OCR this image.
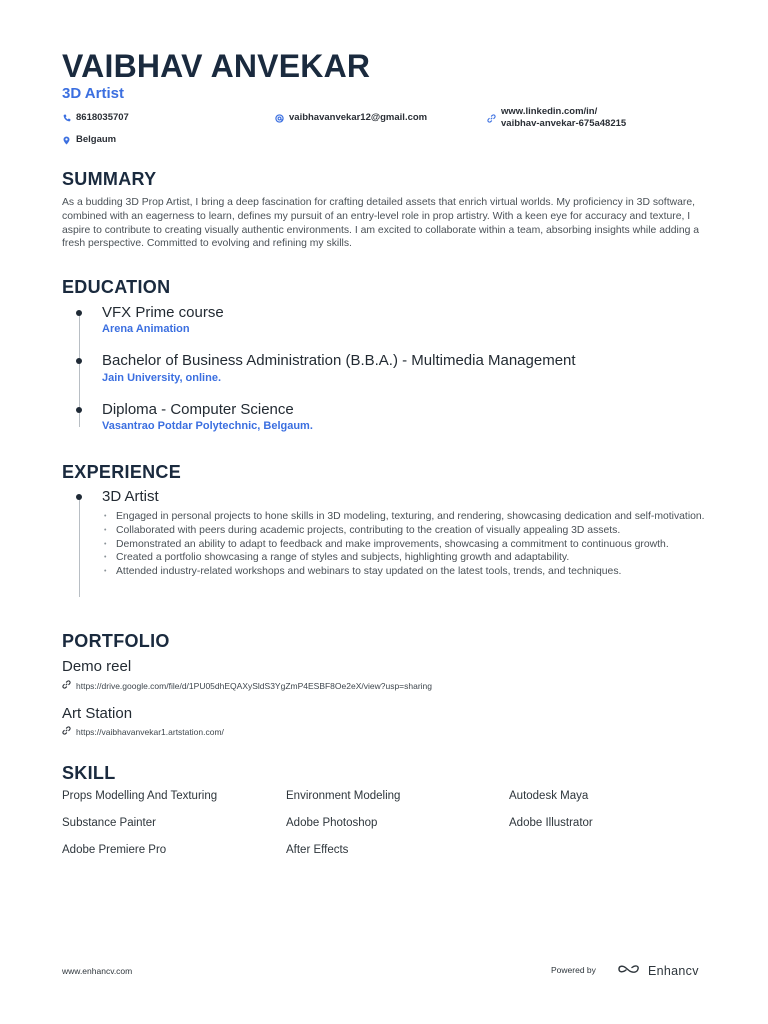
VAIBHAV ANVEKAR
3D Artist
8618035707	vaibhavanvekar12@gmail.com
www.linkedin.com/in/
vaibhav-anvekar-675a48215
Belgaum
SUMMARY

As a budding 3D Prop Artist, I bring a deep fascination for crafting detailed assets that enrich virtual worlds. My proficiency in 3D software, combined with an eagerness to learn, defines my pursuit of an entry-level role in prop artistry. With a keen eye for accuracy and texture, I aspire to contribute to creating visually authentic environments. I am excited to collaborate within a team, absorbing insights while adding a fresh perspective. Committed to evolving and refining my skills.

EDUCATION
VFX Prime course
Arena Animation
Bachelor of Business Administration (B.B.A.) - Multimedia Management
Jain University, online.
Diploma - Computer Science
Vasantrao Potdar Polytechnic, Belgaum.
EXPERIENCE
3D Artist
• Engaged in personal projects to hone skills in 3D modeling, texturing, and rendering, showcasing dedication and self-motivation.
• Collaborated with peers during academic projects, contributing to the creation of visually appealing 3D assets.
• Demonstrated an ability to adapt to feedback and make improvements, showcasing a commitment to continuous growth.
• Created a portfolio showcasing a range of styles and subjects, highlighting growth and adaptability.
• Attended industry-related workshops and webinars to stay updated on the latest tools, trends, and techniques.
PORTFOLIO
Demo reel
https://drive.google.com/file/d/1PU05dhEQAXySldS3YgZmP4ESBF8Oe2eX/view?usp=sharing
Art Station
https://vaibhavanvekar1.artstation.com/
SKILL
Props Modelling And Texturing	Environment Modeling	Autodesk Maya
Substance Painter	Adobe Photoshop	Adobe Illustrator
Adobe Premiere Pro	After Effects
www.enhancv.com	Powered by	Enhancv
